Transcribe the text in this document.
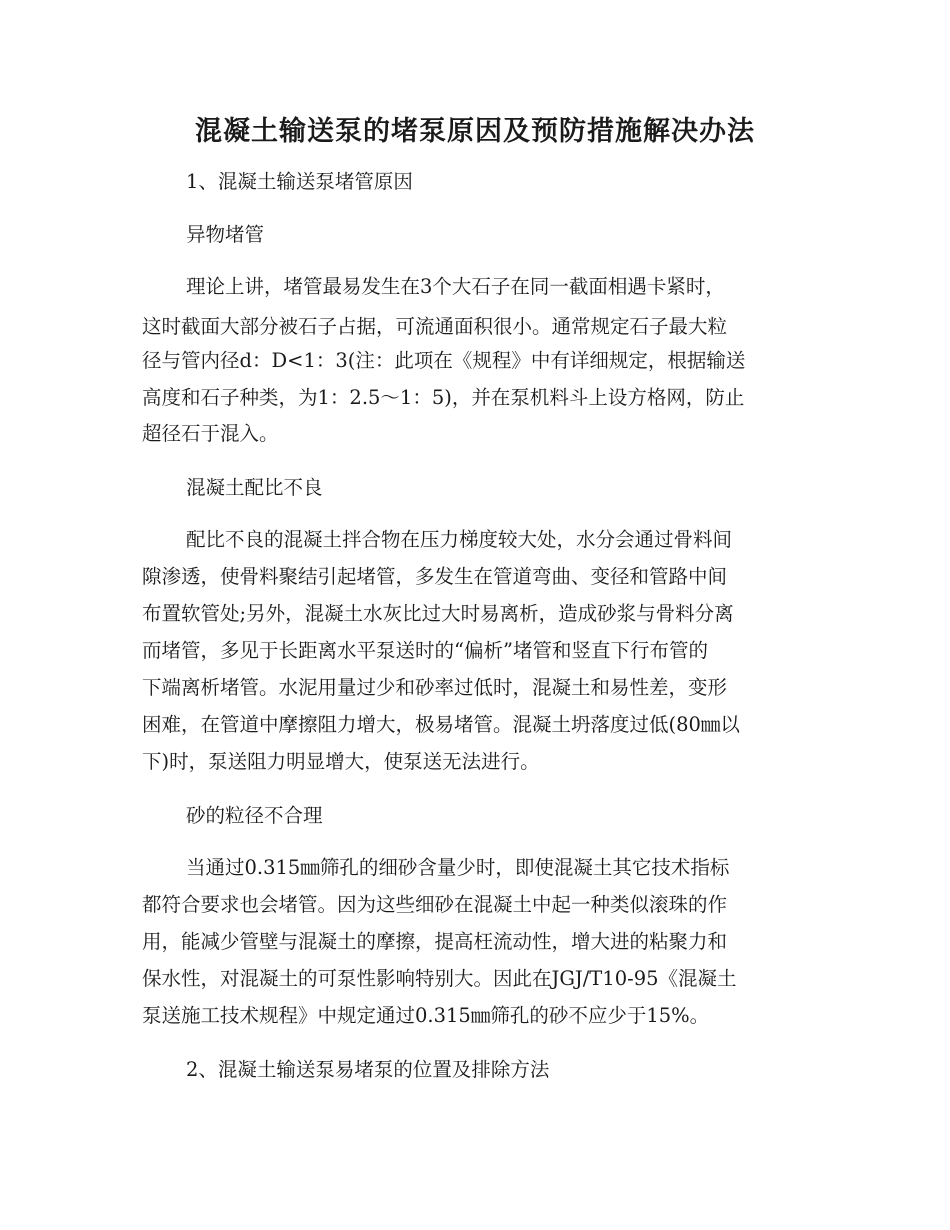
混凝土输送泵的堵泵原因及预防措施解决办法

1、混凝土输送泵堵管原因

异物堵管

理论上讲，堵管最易发生在3个大石子在同一截面相遇卡紧时，

这时截面大部分被石子占据，可流通面积很小。通常规定石子最大粒

径与管内径d：D<1：3(注：此项在《规程》中有详细规定，根据输送

高度和石子种类，为1：2.5～1：5)，并在泵机料斗上设方格网，防止

超径石于混入。

混凝土配比不良

配比不良的混凝土拌合物在压力梯度较大处，水分会通过骨料间

隙渗透，使骨料聚结引起堵管，多发生在管道弯曲、变径和管路中间

布置软管处;另外，混凝土水灰比过大时易离析，造成砂浆与骨料分离

而堵管，多见于长距离水平泵送时的“偏析”堵管和竖直下行布管的

下端离析堵管。水泥用量过少和砂率过低时，混凝土和易性差，变形

困难，在管道中摩擦阻力增大，极易堵管。混凝土坍落度过低(80㎜以

下)时，泵送阻力明显增大，使泵送无法进行。

砂的粒径不合理

当通过0.315㎜筛孔的细砂含量少时，即使混凝土其它技术指标

都符合要求也会堵管。因为这些细砂在混凝土中起一种类似滚珠的作

用，能减少管壁与混凝土的摩擦，提高枉流动性，增大进的粘聚力和

保水性，对混凝土的可泵性影响特别大。因此在JGJ/T10-95《混凝土

泵送施工技术规程》中规定通过0.315㎜筛孔的砂不应少于15%。

2、混凝土输送泵易堵泵的位置及排除方法
